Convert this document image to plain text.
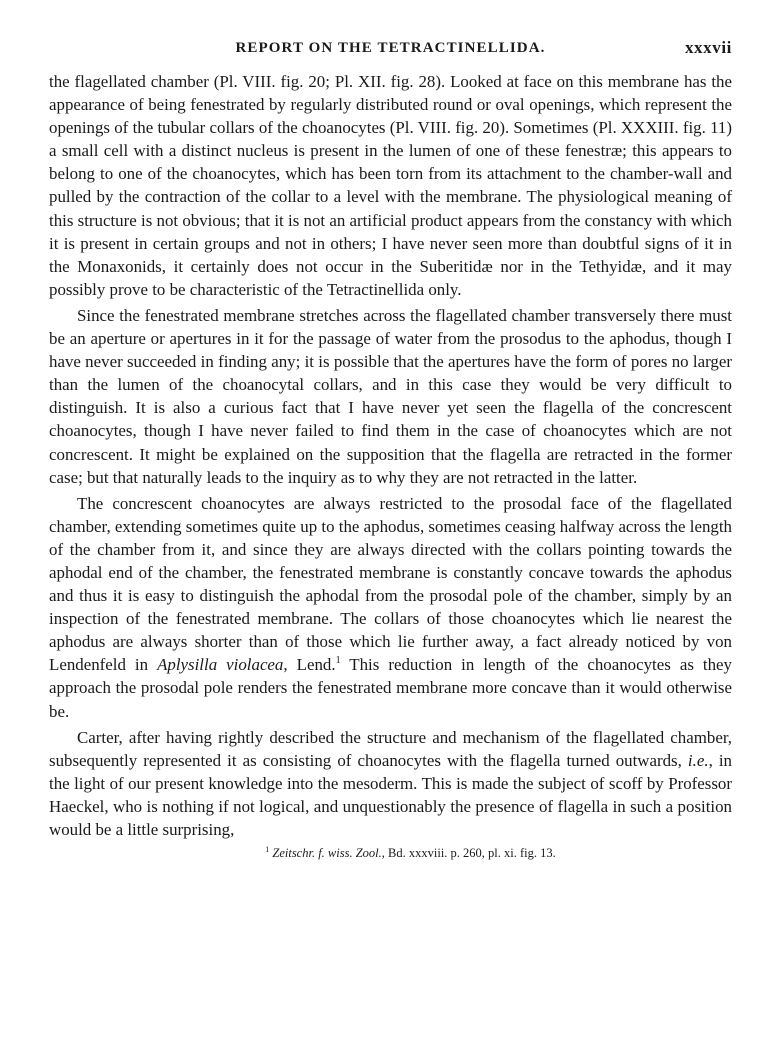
REPORT ON THE TETRACTINELLIDA.	xxxvii

the flagellated chamber (Pl. VIII. fig. 20; Pl. XII. fig. 28). Looked at face on this membrane has the appearance of being fenestrated by regularly distributed round or oval openings, which represent the openings of the tubular collars of the choanocytes (Pl. VIII. fig. 20). Sometimes (Pl. XXXIII. fig. 11) a small cell with a distinct nucleus is present in the lumen of one of these fenestræ; this appears to belong to one of the choanocytes, which has been torn from its attachment to the chamber-wall and pulled by the contraction of the collar to a level with the membrane. The physiological meaning of this structure is not obvious; that it is not an artificial product appears from the constancy with which it is present in certain groups and not in others; I have never seen more than doubtful signs of it in the Monaxonids, it certainly does not occur in the Suberitidæ nor in the Tethyidæ, and it may possibly prove to be characteristic of the Tetractinellida only.

Since the fenestrated membrane stretches across the flagellated chamber transversely there must be an aperture or apertures in it for the passage of water from the prosodus to the aphodus, though I have never succeeded in finding any; it is possible that the apertures have the form of pores no larger than the lumen of the choanocytal collars, and in this case they would be very difficult to distinguish. It is also a curious fact that I have never yet seen the flagella of the concrescent choanocytes, though I have never failed to find them in the case of choanocytes which are not concrescent. It might be explained on the supposition that the flagella are retracted in the former case; but that naturally leads to the inquiry as to why they are not retracted in the latter.

The concrescent choanocytes are always restricted to the prosodal face of the flagellated chamber, extending sometimes quite up to the aphodus, sometimes ceasing halfway across the length of the chamber from it, and since they are always directed with the collars pointing towards the aphodal end of the chamber, the fenestrated membrane is constantly concave towards the aphodus and thus it is easy to distinguish the aphodal from the prosodal pole of the chamber, simply by an inspection of the fenestrated membrane. The collars of those choanocytes which lie nearest the aphodus are always shorter than of those which lie further away, a fact already noticed by von Lendenfeld in Aplysilla violacea, Lend.$^1$ This reduction in length of the choanocytes as they approach the prosodal pole renders the fenestrated membrane more concave than it would otherwise be.

Carter, after having rightly described the structure and mechanism of the flagellated chamber, subsequently represented it as consisting of choanocytes with the flagella turned outwards, i.e., in the light of our present knowledge into the mesoderm. This is made the subject of scoff by Professor Haeckel, who is nothing if not logical, and unquestionably the presence of flagella in such a position would be a little surprising,

$^1$ Zeitschr. f. wiss. Zool., Bd. xxxviii. p. 260, pl. xi. fig. 13.
